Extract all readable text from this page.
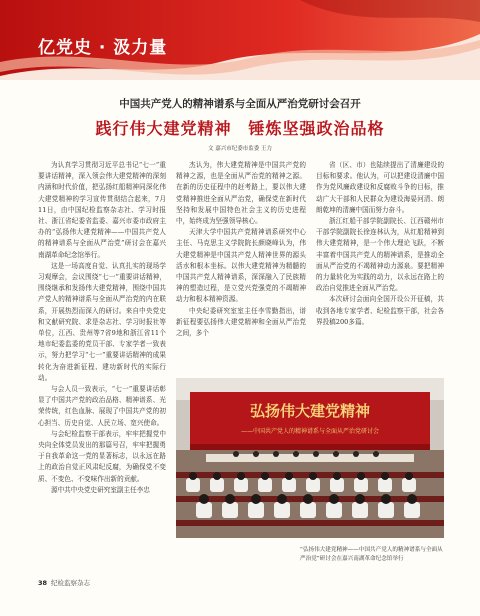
亿党史 · 汲力量
中国共产党人的精神谱系与全面从严治党研讨会召开
践行伟大建党精神　锤炼坚强政治品格
文 嘉兴市纪委市监委 王力

为认真学习贯彻习近平总书记“七一”重要讲话精神，深入领会伟大建党精神的深刻内涵和时代价值，把弘扬红船精神同深化伟大建党精神的学习宣传贯彻结合起来，7月11日，由中国纪检监察杂志社、学习时报社、浙江省纪委省监委、嘉兴市委市政府主办的“弘扬伟大建党精神——中国共产党人的精神谱系与全面从严治党”研讨会在嘉兴南湖革命纪念馆举行。

这是一场高度自觉、认真扎实的现场学习观摩会，会议围绕“七一”重要讲话精神，围绕继承和发扬伟大建党精神，围绕中国共产党人的精神谱系与全面从严治党的内在联系，开展热烈而深入的研讨。来自中央党史和文献研究院、求是杂志社、学习时报社等单位，江西、贵州等7省9地和浙江省11个地市纪委监委的党员干部、专家学者一致表示，努力把学习“七一”重要讲话精神的成果转化为奋进新征程、建功新时代的实际行动。

与会人员一致表示，“七一”重要讲话彰显了中国共产党的政治品格、精神谱系、光荣传统，红色血脉、展现了中国共产党的初心担当、历史自觉、人民立场、宽兴使命。

与会纪检监察干部表示，牢牢把握党中央向全体党员发出的那篇号召，牢牢把握勇于自我革命这一党的显著标志，以永远在路上的政治自觉正风肃纪反腐，为确保党不变质、不变色、不变味作出新的贡献。

源中共中央党史研究室副主任李忠

杰认为，伟大建党精神是中国共产党的精神之源，也是全面从严治党的精神之源。在新的历史征程中的赶考路上，要以伟大建党精神推进全面从严治党，确保党在新时代坚持和发展中国特色社会主义的历史进程中，始终成为坚强领导核心。

天津大学中国共产党精神谱系研究中心主任、马克思主义学院院长颜晓峰认为，伟大建党精神是中国共产党人精神世界的源头活水和根本坐标。以伟大建党精神为精髓的中国共产党人精神谱系，深深融入了民族精神的塑造过程，是立党兴党强党的不竭精神动力和根本精神资源。

中央纪委研究室室主任李雪勤指出，谱新征程要弘扬伟大建党精神和全面从严治党之间，多个

省（区、市）也陆续提出了清廉建设的目标和要求。他认为，可以把建设清廉中国作为党风廉政建设和反腐败斗争的目标，推动广大干部和人民群众为建设海晏河清、朗朗乾坤的清廉中国而努力奋斗。

浙江红船干部学院副院长、江西赣州市干部学院副院长徐连林认为，从红船精神到伟大建党精神，是一个伟大理论飞跃，不断丰富着中国共产党人的精神谱系，是推动全面从严治党的不竭精神动力源泉。要把精神的力量转化为实践的动力，以永远在路上的政治自觉推进全面从严治党。

本次研讨会面向全国开设公开征稿，共收到各地专家学者、纪检监察干部，社会各界投稿200多篇。

弘扬伟大建党精神
——中国共产党人的精神谱系与全面从严治党研讨会
“弘扬伟大建党精神——中国共产党人的精神谱系与全面从严治党”研讨会在嘉兴南湖革命纪念馆举行
38 纪检监察杂志
